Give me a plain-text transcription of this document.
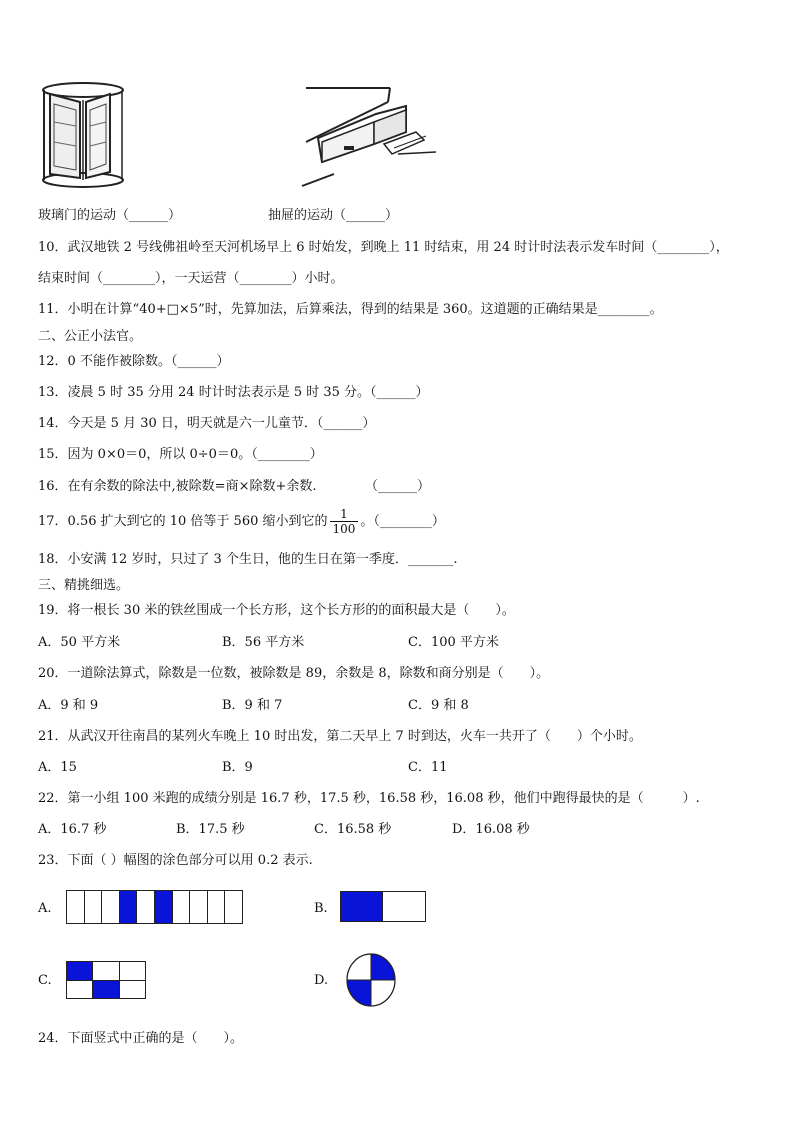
玻璃门的运动（______）	抽屉的运动（______）
10．武汉地铁 2 号线佛祖岭至天河机场早上 6 时始发，到晚上 11 时结束，用 24 时计时法表示发车时间（________），
结束时间（________），一天运营（________）小时。
11．小明在计算“40+□×5”时，先算加法，后算乘法，得到的结果是 360。这道题的正确结果是________。
二、公正小法官。
12．0 不能作被除数。（______）
13．凌晨 5 时 35 分用 24 时计时法表示是 5 时 35 分。（______）
14．今天是 5 月 30 日，明天就是六一儿童节．（______）
15．因为 0×0＝0，所以 0÷0＝0。（________）
16．在有余数的除法中,被除数=商×除数+余数.	（______）
17．0.56 扩大到它的 10 倍等于 560 缩小到它的 $\frac{1}{100}$ 。（________）
18．小安满 12 岁时，只过了 3 个生日，他的生日在第一季度．_______.
三、精挑细选。
19．将一根长 30 米的铁丝围成一个长方形，这个长方形的的面积最大是（　　）。
A．50 平方米	B．56 平方米	C．100 平方米
20．一道除法算式，除数是一位数，被除数是 89，余数是 8，除数和商分别是（　　）。
A．9 和 9	B．9 和 7	C．9 和 8
21．从武汉开往南昌的某列火车晚上 10 时出发，第二天早上 7 时到达，火车一共开了（　　）个小时。
A．15	B．9	C．11
22．第一小组 100 米跑的成绩分别是 16.7 秒，17.5 秒，16.58 秒，16.08 秒，他们中跑得最快的是（　　　）.
A．16.7 秒	B．17.5 秒	C．16.58 秒	D．16.08 秒
23．下面（ ）幅图的涂色部分可以用 0.2 表示.
A.	B.
C.	D.
24．下面竖式中正确的是（　　）。
